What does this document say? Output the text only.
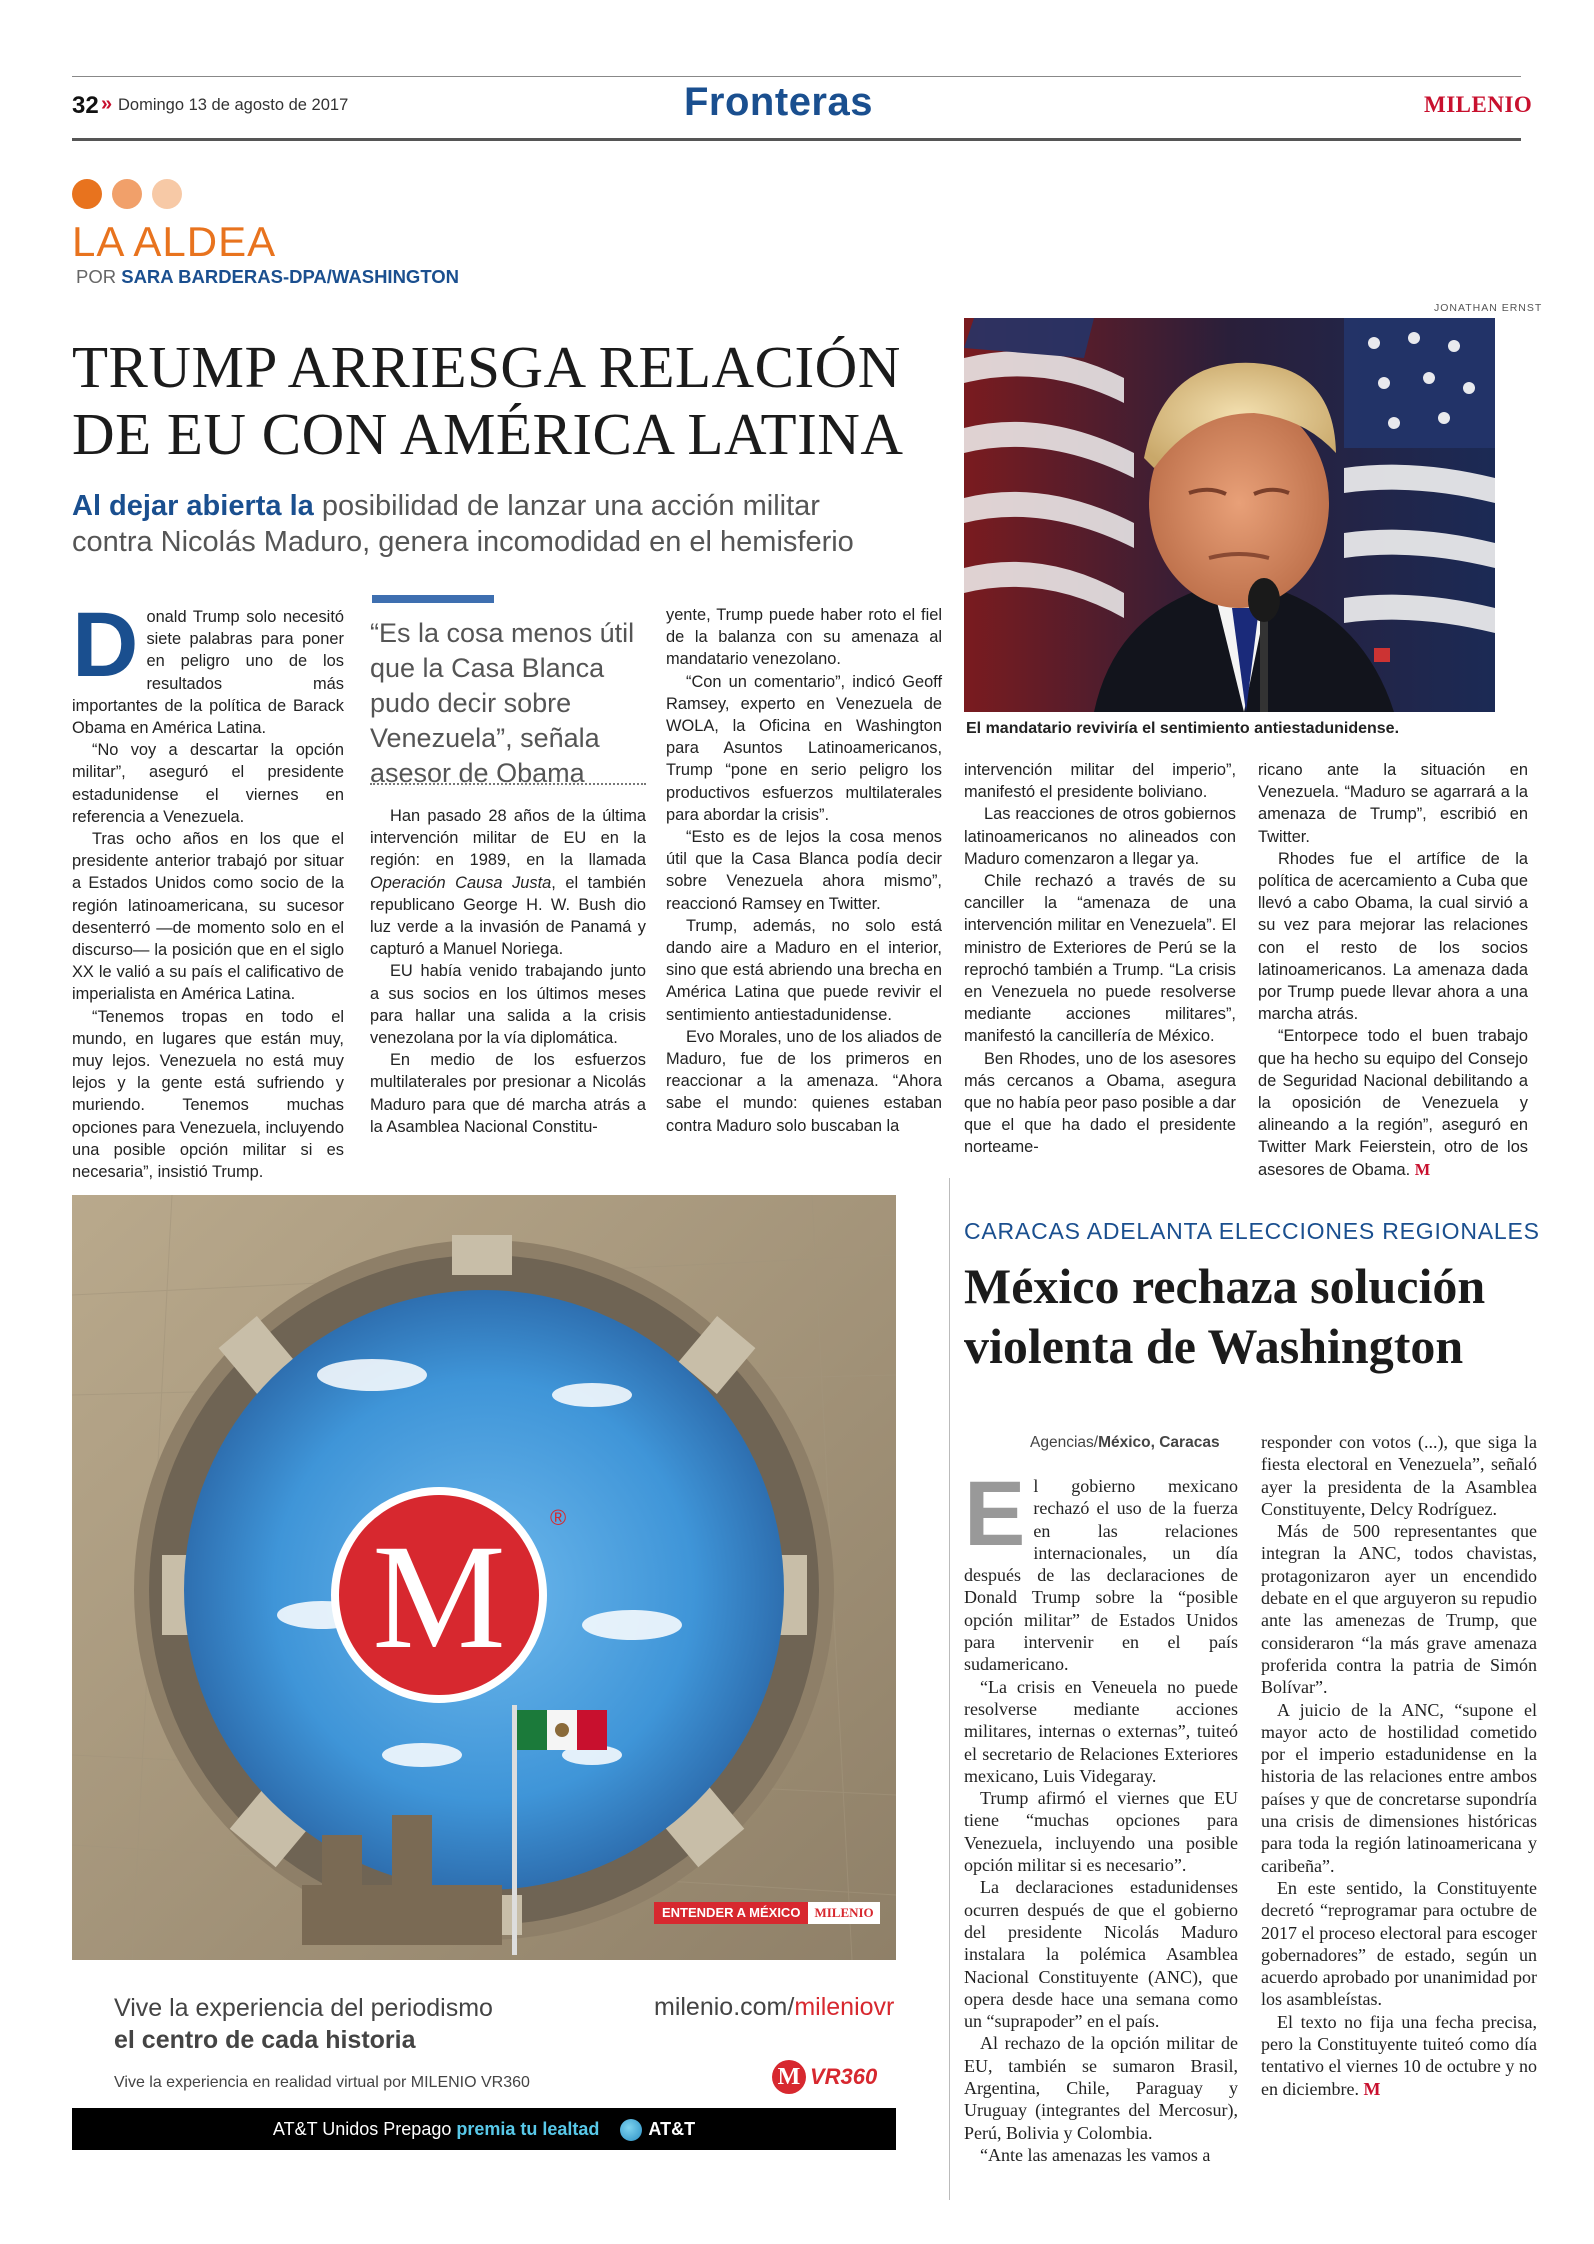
32 » Domingo 13 de agosto de 2017	Fronteras	MILENIO
LA ALDEA
POR SARA BARDERAS-DPA/WASHINGTON
TRUMP ARRIESGA RELACIÓN
DE EU CON AMÉRICA LATINA
Al dejar abierta la posibilidad de lanzar una acción militar
contra Nicolás Maduro, genera incomodidad en el hemisferio
JONATHAN ERNST
El mandatario reviviría el sentimiento antiestadunidense.

Donald Trump solo necesitó siete palabras para poner en peligro uno de los resultados más importantes de la política de Barack Obama en América Latina.

“No voy a descartar la opción militar”, aseguró el presidente estadunidense el viernes en referencia a Venezuela.

Tras ocho años en los que el presidente anterior trabajó por situar a Estados Unidos como socio de la región latinoamericana, su sucesor desenterró —de momento solo en el discurso— la posición que en el siglo XX le valió a su país el calificativo de imperialista en América Latina.

“Tenemos tropas en todo el mundo, en lugares que están muy, muy lejos. Venezuela no está muy lejos y la gente está sufriendo y muriendo. Tenemos muchas opciones para Venezuela, incluyendo una posible opción militar si es necesaria”, insistió Trump.

“Es la cosa menos útil que la Casa Blanca pudo decir sobre Venezuela”, señala asesor de Obama

Han pasado 28 años de la última intervención militar de EU en la región: en 1989, en la llamada Operación Causa Justa, el también republicano George H. W. Bush dio luz verde a la invasión de Panamá y capturó a Manuel Noriega.

EU había venido trabajando junto a sus socios en los últimos meses para hallar una salida a la crisis venezolana por la vía diplomática.

En medio de los esfuerzos multilaterales por presionar a Nicolás Maduro para que dé marcha atrás a la Asamblea Nacional Constitu-

yente, Trump puede haber roto el fiel de la balanza con su amenaza al mandatario venezolano.

“Con un comentario”, indicó Geoff Ramsey, experto en Venezuela de WOLA, la Oficina en Washington para Asuntos Latinoamericanos, Trump “pone en serio peligro los productivos esfuerzos multilaterales para abordar la crisis”.

“Esto es de lejos la cosa menos útil que la Casa Blanca podía decir sobre Venezuela ahora mismo”, reaccionó Ramsey en Twitter.

Trump, además, no solo está dando aire a Maduro en el interior, sino que está abriendo una brecha en América Latina que puede revivir el sentimiento antiestadunidense.

Evo Morales, uno de los aliados de Maduro, fue de los primeros en reaccionar a la amenaza. “Ahora sabe el mundo: quienes estaban contra Maduro solo buscaban la

intervención militar del imperio”, manifestó el presidente boliviano.

Las reacciones de otros gobiernos latinoamericanos no alineados con Maduro comenzaron a llegar ya.

Chile rechazó a través de su canciller la “amenaza de una intervención militar en Venezuela”. El ministro de Exteriores de Perú se la reprochó también a Trump. “La crisis en Venezuela no puede resolverse mediante acciones militares”, manifestó la cancillería de México.

Ben Rhodes, uno de los asesores más cercanos a Obama, asegura que no había peor paso posible a dar que el que ha dado el presidente norteame-

ricano ante la situación en Venezuela. “Maduro se agarrará a la amenaza de Trump”, escribió en Twitter.

Rhodes fue el artífice de la política de acercamiento a Cuba que llevó a cabo Obama, la cual sirvió a su vez para mejorar las relaciones con el resto de los socios latinoamericanos. La amenaza dada por Trump puede llevar ahora a una marcha atrás.

“Entorpece todo el buen trabajo que ha hecho su equipo del Consejo de Seguridad Nacional debilitando a la oposición de Venezuela y alineando a la región”, aseguró en Twitter Mark Feierstein, otro de los asesores de Obama. M

M ®
ENTENDER A MÉXICO	MILENIO
Vive la experiencia del periodismo
el centro de cada historia
Vive la experiencia en realidad virtual por MILENIO VR360
milenio.com/mileniovr
M VR360
AT&T Unidos Prepago premia tu lealtad	AT&T
CARACAS ADELANTA ELECCIONES REGIONALES
México rechaza solución
violenta de Washington
Agencias/México, Caracas

El gobierno mexicano rechazó el uso de la fuerza en las relaciones internacionales, un día después de las declaraciones de Donald Trump sobre la “posible opción militar” de Estados Unidos para intervenir en el país sudamericano.

“La crisis en Veneuela no puede resolverse mediante acciones militares, internas o externas”, tuiteó el secretario de Relaciones Exteriores mexicano, Luis Videgaray.

Trump afirmó el viernes que EU tiene “muchas opciones para Venezuela, incluyendo una posible opción militar si es necesario”.

La declaraciones estadunidenses ocurren después de que el gobierno del presidente Nicolás Maduro instalara la polémica Asamblea Nacional Constituyente (ANC), que opera desde hace una semana como un “suprapoder” en el país.

Al rechazo de la opción militar de EU, también se sumaron Brasil, Argentina, Chile, Paraguay y Uruguay (integrantes del Mercosur), Perú, Bolivia y Colombia.

“Ante las amenazas les vamos a

responder con votos (...), que siga la fiesta electoral en Venezuela”, señaló ayer la presidenta de la Asamblea Constituyente, Delcy Rodríguez.

Más de 500 representantes que integran la ANC, todos chavistas, protagonizaron ayer un encendido debate en el que arguyeron su repudio ante las amenezas de Trump, que consideraron “la más grave amenaza proferida contra la patria de Simón Bolívar”.

A juicio de la ANC, “supone el mayor acto de hostilidad cometido por el imperio estadunidense en la historia de las relaciones entre ambos países y que de concretarse supondría una crisis de dimensiones históricas para toda la región latinoamericana y caribeña”.

En este sentido, la Constituyente decretó “reprogramar para octubre de 2017 el proceso electoral para escoger gobernadores” de estado, según un acuerdo aprobado por unanimidad por los asambleístas.

El texto no fija una fecha precisa, pero la Constituyente tuiteó como día tentativo el viernes 10 de octubre y no en diciembre. M
